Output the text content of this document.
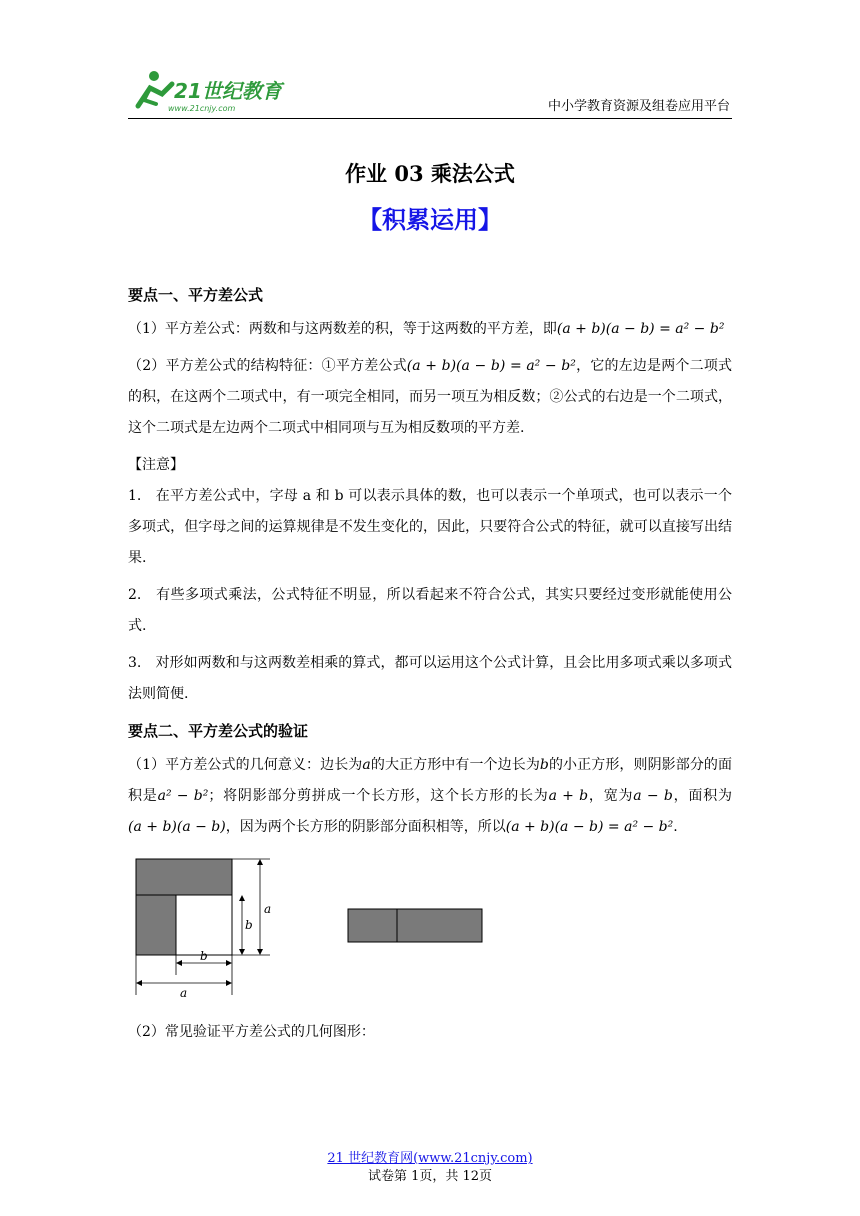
21世纪教育
www.21cnjy.com	中小学教育资源及组卷应用平台
作业 03 乘法公式
【积累运用】
要点一、平方差公式
（1）平方差公式：两数和与这两数差的积，等于这两数的平方差，即(a + b)(a − b) = a² − b²
（2）平方差公式的结构特征：①平方差公式(a + b)(a − b) = a² − b²，它的左边是两个二项式的积，在这两个二项式中，有一项完全相同，而另一项互为相反数；②公式的右边是一个二项式，这个二项式是左边两个二项式中相同项与互为相反数项的平方差.
【注意】
1.　在平方差公式中，字母 a 和 b 可以表示具体的数，也可以表示一个单项式，也可以表示一个多项式，但字母之间的运算规律是不发生变化的，因此，只要符合公式的特征，就可以直接写出结果.
2.　有些多项式乘法，公式特征不明显，所以看起来不符合公式，其实只要经过变形就能使用公式.
3.　对形如两数和与这两数差相乘的算式，都可以运用这个公式计算，且会比用多项式乘以多项式法则简便.
要点二、平方差公式的验证
（1）平方差公式的几何意义：边长为a的大正方形中有一个边长为b的小正方形，则阴影部分的面积是a² − b²；将阴影部分剪拼成一个长方形，这个长方形的长为a + b，宽为a − b，面积为(a + b)(a − b)，因为两个长方形的阴影部分面积相等，所以(a + b)(a − b) = a² − b².
a
b
b
a
（2）常见验证平方差公式的几何图形：
21 世纪教育网(www.21cnjy.com)
试卷第 1页，共 12页
